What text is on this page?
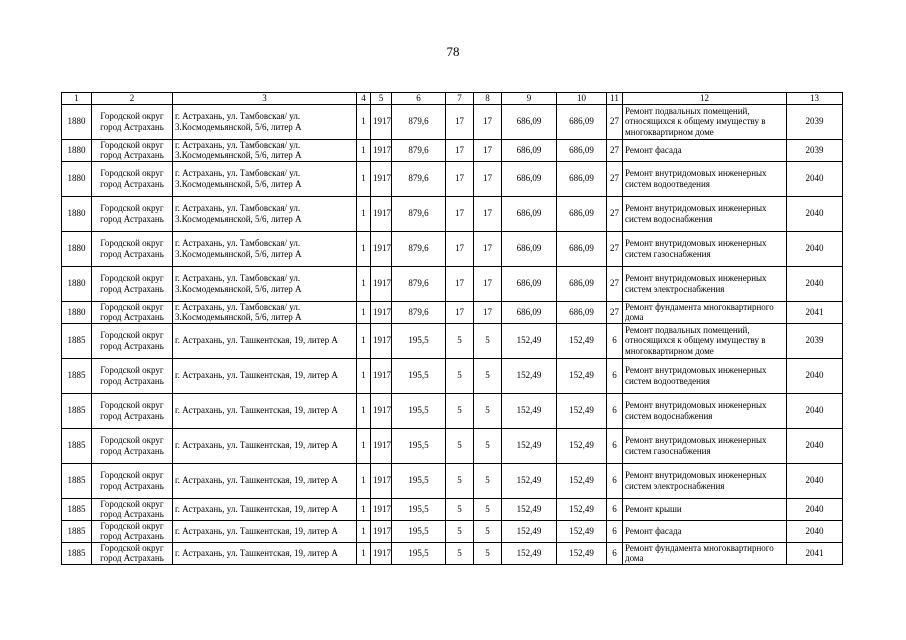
78
1	2	3	4	5	6	7	8	9	10	11	12	13
1880	Городской округ город Астрахань	г. Астрахань, ул. Тамбовская/ ул. 3.Космодемьянской, 5/6, литер А	1	1917	879,6	17	17	686,09	686,09	27	Ремонт подвальных помещений, относящихся к общему имуществу в многоквартирном доме	2039
1880	Городской округ город Астрахань	г. Астрахань, ул. Тамбовская/ ул. 3.Космодемьянской, 5/6, литер А	1	1917	879,6	17	17	686,09	686,09	27	Ремонт фасада	2039
1880	Городской округ город Астрахань	г. Астрахань, ул. Тамбовская/ ул. 3.Космодемьянской, 5/6, литер А	1	1917	879,6	17	17	686,09	686,09	27	Ремонт внутридомовых инженерных систем водоотведения	2040
1880	Городской округ город Астрахань	г. Астрахань, ул. Тамбовская/ ул. 3.Космодемьянской, 5/6, литер А	1	1917	879,6	17	17	686,09	686,09	27	Ремонт внутридомовых инженерных систем водоснабжения	2040
1880	Городской округ город Астрахань	г. Астрахань, ул. Тамбовская/ ул. 3.Космодемьянской, 5/6, литер А	1	1917	879,6	17	17	686,09	686,09	27	Ремонт внутридомовых инженерных систем газоснабжения	2040
1880	Городской округ город Астрахань	г. Астрахань, ул. Тамбовская/ ул. 3.Космодемьянской, 5/6, литер А	1	1917	879,6	17	17	686,09	686,09	27	Ремонт внутридомовых инженерных систем электроснабжения	2040
1880	Городской округ город Астрахань	г. Астрахань, ул. Тамбовская/ ул. 3.Космодемьянской, 5/6, литер А	1	1917	879,6	17	17	686,09	686,09	27	Ремонт фундамента многоквартирного дома	2041
1885	Городской округ город Астрахань	г. Астрахань, ул. Ташкентская, 19, литер А	1	1917	195,5	5	5	152,49	152,49	6	Ремонт подвальных помещений, относящихся к общему имуществу в многоквартирном доме	2039
1885	Городской округ город Астрахань	г. Астрахань, ул. Ташкентская, 19, литер А	1	1917	195,5	5	5	152,49	152,49	6	Ремонт внутридомовых инженерных систем водоотведения	2040
1885	Городской округ город Астрахань	г. Астрахань, ул. Ташкентская, 19, литер А	1	1917	195,5	5	5	152,49	152,49	6	Ремонт внутридомовых инженерных систем водоснабжения	2040
1885	Городской округ город Астрахань	г. Астрахань, ул. Ташкентская, 19, литер А	1	1917	195,5	5	5	152,49	152,49	6	Ремонт внутридомовых инженерных систем газоснабжения	2040
1885	Городской округ город Астрахань	г. Астрахань, ул. Ташкентская, 19, литер А	1	1917	195,5	5	5	152,49	152,49	6	Ремонт внутридомовых инженерных систем электроснабжения	2040
1885	Городской округ город Астрахань	г. Астрахань, ул. Ташкентская, 19, литер А	1	1917	195,5	5	5	152,49	152,49	6	Ремонт крыши	2040
1885	Городской округ город Астрахань	г. Астрахань, ул. Ташкентская, 19, литер А	1	1917	195,5	5	5	152,49	152,49	6	Ремонт фасада	2040
1885	Городской округ город Астрахань	г. Астрахань, ул. Ташкентская, 19, литер А	1	1917	195,5	5	5	152,49	152,49	6	Ремонт фундамента многоквартирного дома	2041
